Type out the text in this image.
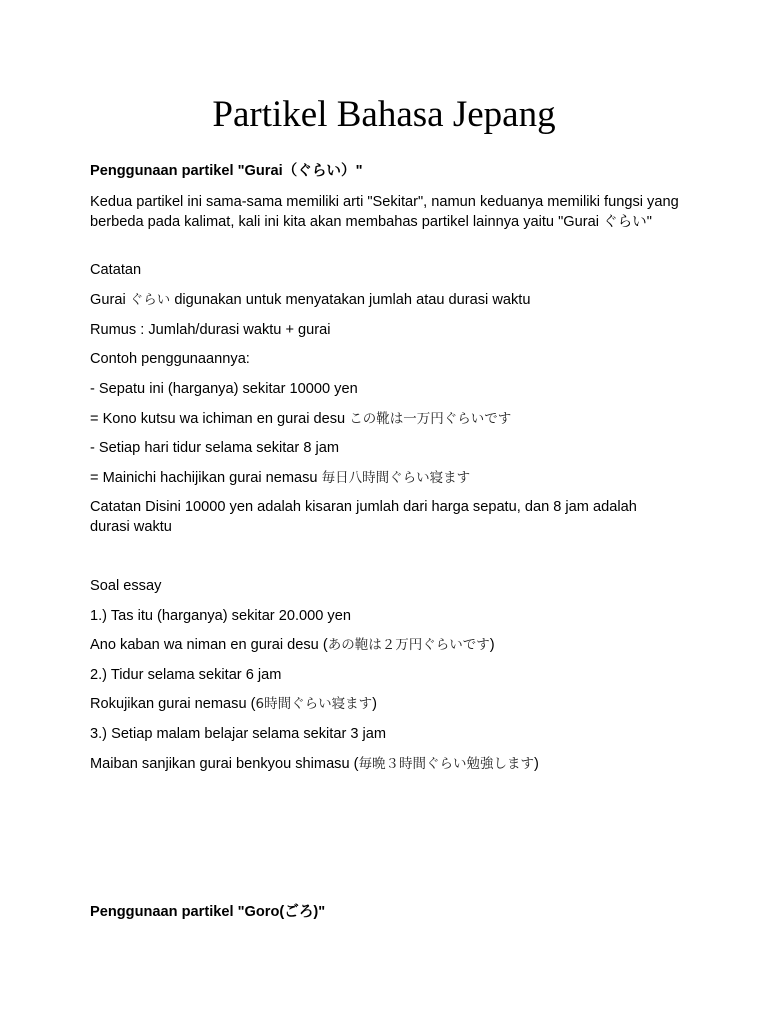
Partikel Bahasa Jepang
Penggunaan partikel "Gurai（ぐらい）"
Kedua partikel ini sama-sama memiliki arti "Sekitar", namun keduanya memiliki fungsi yang berbeda pada kalimat, kali ini kita akan membahas partikel lainnya yaitu "Gurai ぐらい"
Catatan
Gurai ぐらい digunakan untuk menyatakan jumlah atau durasi waktu
Rumus : Jumlah/durasi waktu + gurai
Contoh penggunaannya:
- Sepatu ini (harganya) sekitar 10000 yen
= Kono kutsu wa ichiman en gurai desu この靴は一万円ぐらいです
- Setiap hari tidur selama sekitar 8 jam
= Mainichi hachijikan gurai nemasu 毎日八時間ぐらい寝ます
Catatan Disini 10000 yen adalah kisaran jumlah dari harga sepatu, dan 8 jam adalah durasi waktu
Soal essay
1.) Tas itu (harganya) sekitar 20.000 yen
Ano kaban wa niman en gurai desu (あの鞄は２万円ぐらいです)
2.) Tidur selama sekitar 6 jam
Rokujikan gurai nemasu (6時間ぐらい寝ます)
3.) Setiap malam belajar selama sekitar 3 jam
Maiban sanjikan gurai benkyou shimasu (毎晩３時間ぐらい勉強します)
Penggunaan partikel "Goro(ごろ)"
